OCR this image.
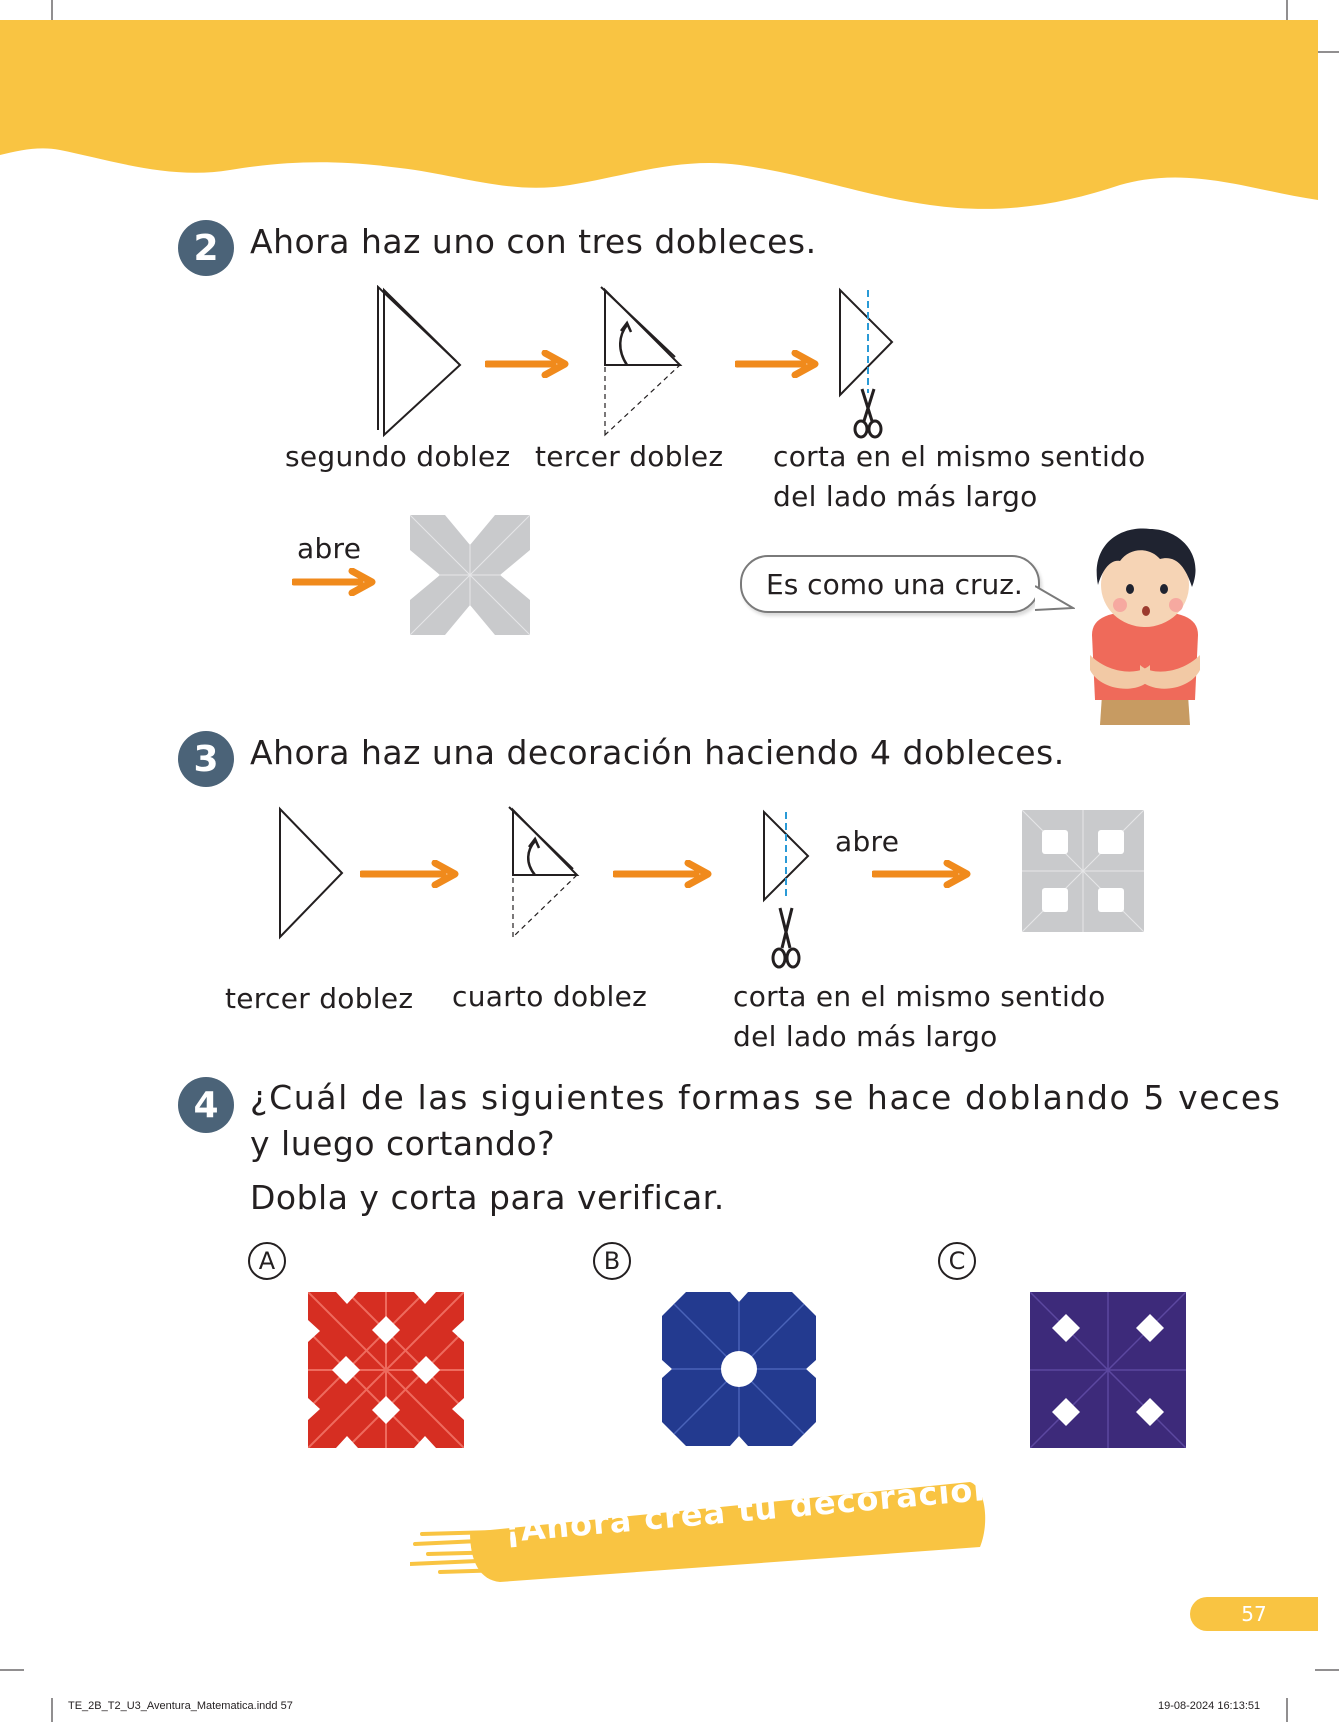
2 Ahora haz uno con tres dobleces.
segundo doblez tercer doblez corta en el mismo sentido
del lado más largo
abre
Es como una cruz.
3 Ahora haz una decoración haciendo 4 dobleces.
abre
tercer doblez cuarto doblez	corta en el mismo sentido
del lado más largo
4 ¿Cuál de las siguientes formas se hace doblando 5 veces
y luego cortando?
Dobla y corta para verificar.
A	B	C
¡Ahora crea tu decoración!
57
TE_2B_T2_U3_Aventura_Matematica.indd 57	19-08-2024 16:13:51
